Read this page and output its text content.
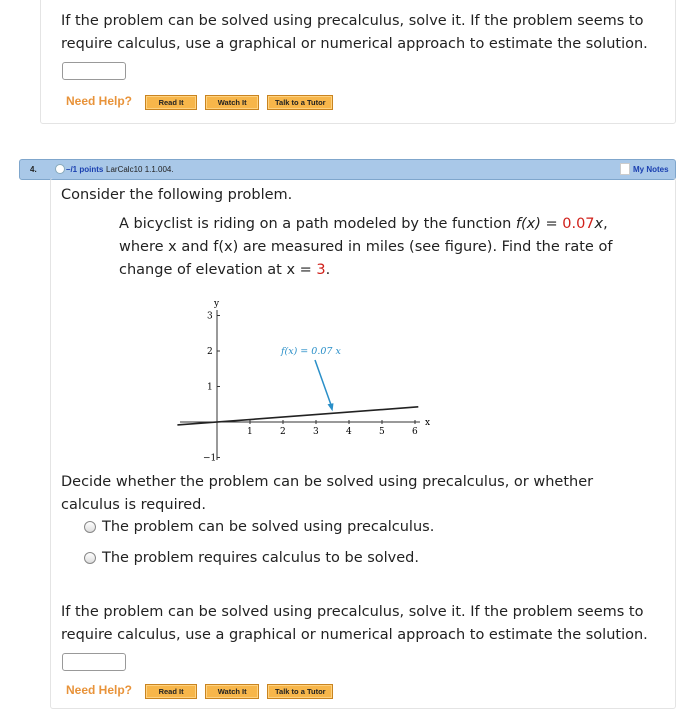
If the problem can be solved using precalculus, solve it. If the problem seems to require calculus, use a graphical or numerical approach to estimate the solution.
Need Help?	Read It	Watch It	Talk to a Tutor
4.	–/1 points LarCalc10 1.1.004.	My Notes
Consider the following problem.
A bicyclist is riding on a path modeled by the function f(x) = 0.07x, where x and f(x) are measured in miles (see figure). Find the rate of change of elevation at x = 3.
y
x
1	2	3	4	5	6
3
2
1
−1
f(x) = 0.07 x
Decide whether the problem can be solved using precalculus, or whether calculus is required.
The problem can be solved using precalculus.
The problem requires calculus to be solved.
If the problem can be solved using precalculus, solve it. If the problem seems to require calculus, use a graphical or numerical approach to estimate the solution.
Need Help?	Read It	Watch It	Talk to a Tutor
